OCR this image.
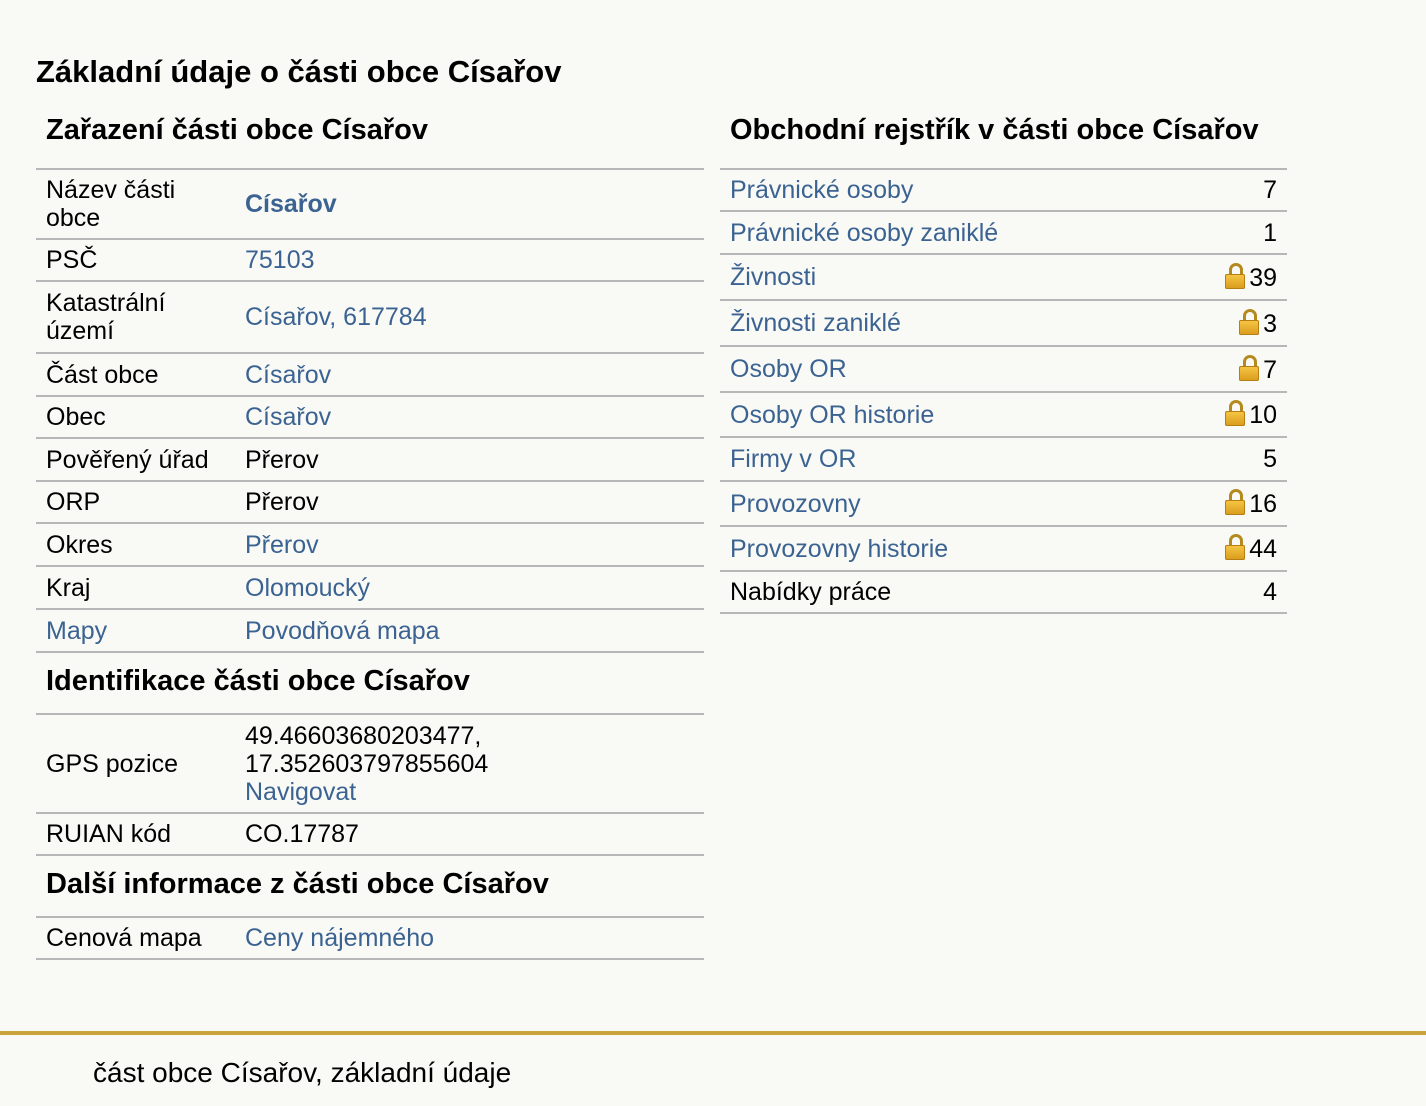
Základní údaje o části obce Císařov
Zařazení části obce Císařov
Název části obce	Císařov
PSČ	75103
Katastrální území	Císařov, 617784
Část obce	Císařov
Obec	Císařov
Pověřený úřad	Přerov
ORP	Přerov
Okres	Přerov
Kraj	Olomoucký
Mapy	Povodňová mapa
Identifikace části obce Císařov
GPS pozice	49.46603680203477,
17.352603797855604
Navigovat
RUIAN kód	CO.17787
Další informace z části obce Císařov
Cenová mapa	Ceny nájemného
Obchodní rejstřík v části obce Císařov
Právnické osoby	7
Právnické osoby zaniklé	1
Živnosti	39
Živnosti zaniklé	3
Osoby OR	7
Osoby OR historie	10
Firmy v OR	5
Provozovny	16
Provozovny historie	44
Nabídky práce	4
část obce Císařov, základní údaje
